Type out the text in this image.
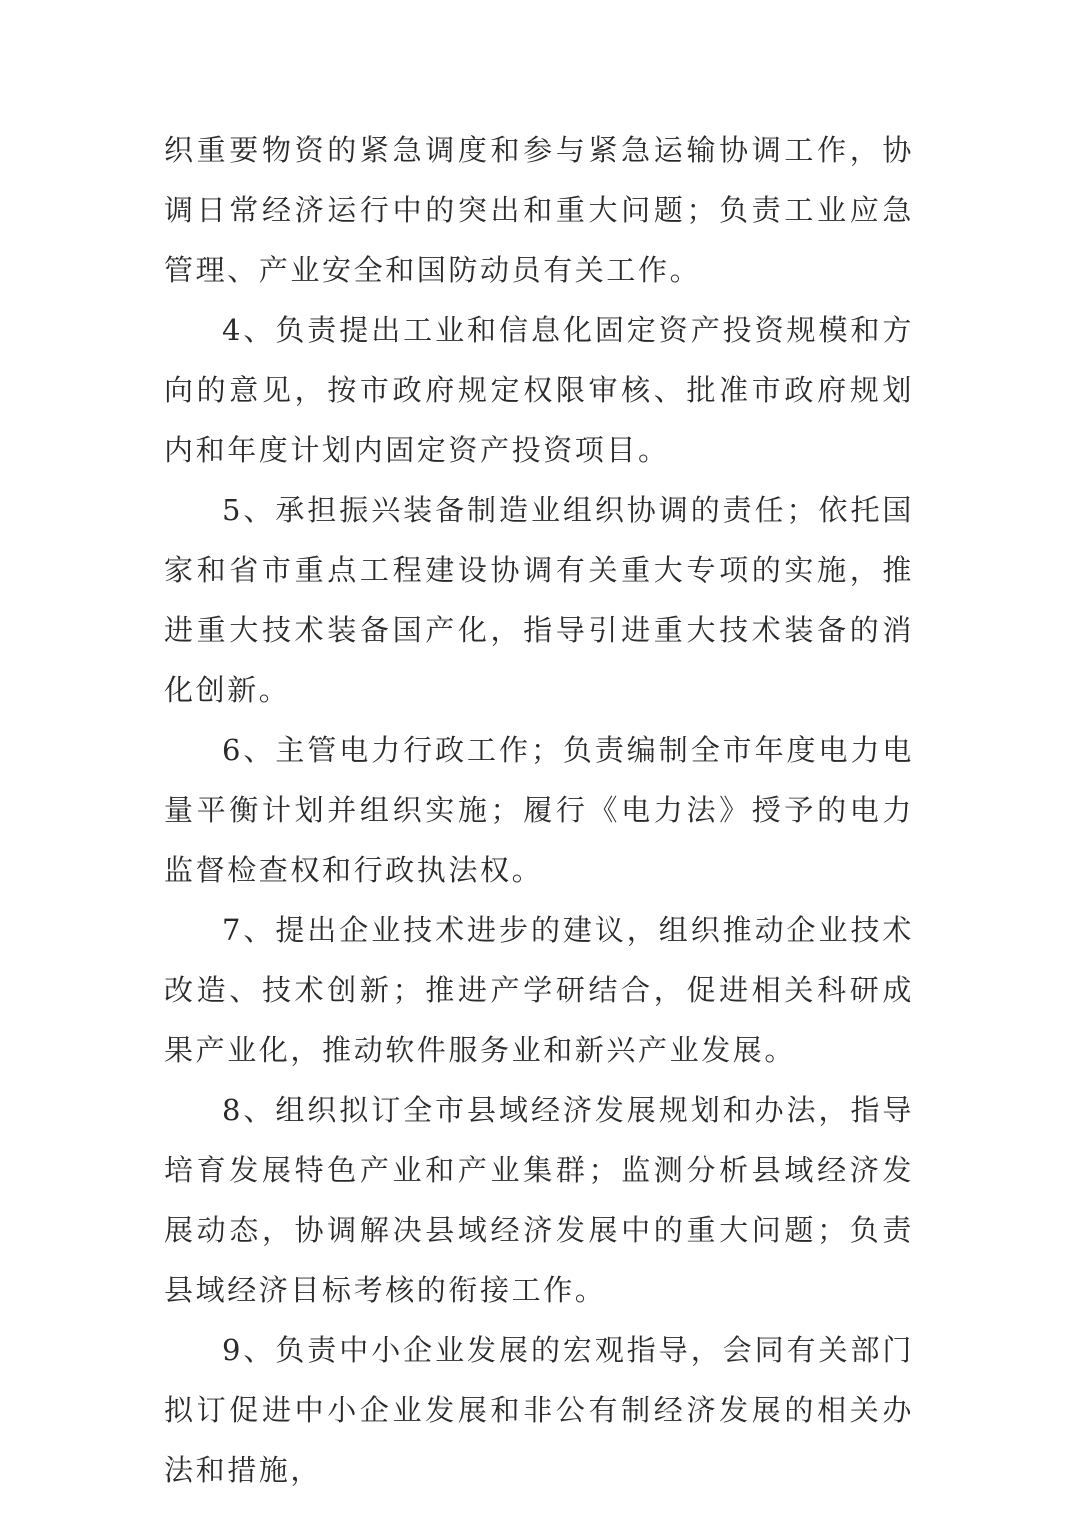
织重要物资的紧急调度和参与紧急运输协调工作，协调日常经济运行中的突出和重大问题；负责工业应急管理、产业安全和国防动员有关工作。

4、负责提出工业和信息化固定资产投资规模和方向的意见，按市政府规定权限审核、批准市政府规划内和年度计划内固定资产投资项目。

5、承担振兴装备制造业组织协调的责任；依托国家和省市重点工程建设协调有关重大专项的实施，推进重大技术装备国产化，指导引进重大技术装备的消化创新。

6、主管电力行政工作；负责编制全市年度电力电量平衡计划并组织实施；履行《电力法》授予的电力监督检查权和行政执法权。

7、提出企业技术进步的建议，组织推动企业技术改造、技术创新；推进产学研结合，促进相关科研成果产业化，推动软件服务业和新兴产业发展。

8、组织拟订全市县域经济发展规划和办法，指导培育发展特色产业和产业集群；监测分析县域经济发展动态，协调解决县域经济发展中的重大问题；负责县域经济目标考核的衔接工作。

9、负责中小企业发展的宏观指导，会同有关部门拟订促进中小企业发展和非公有制经济发展的相关办法和措施，
